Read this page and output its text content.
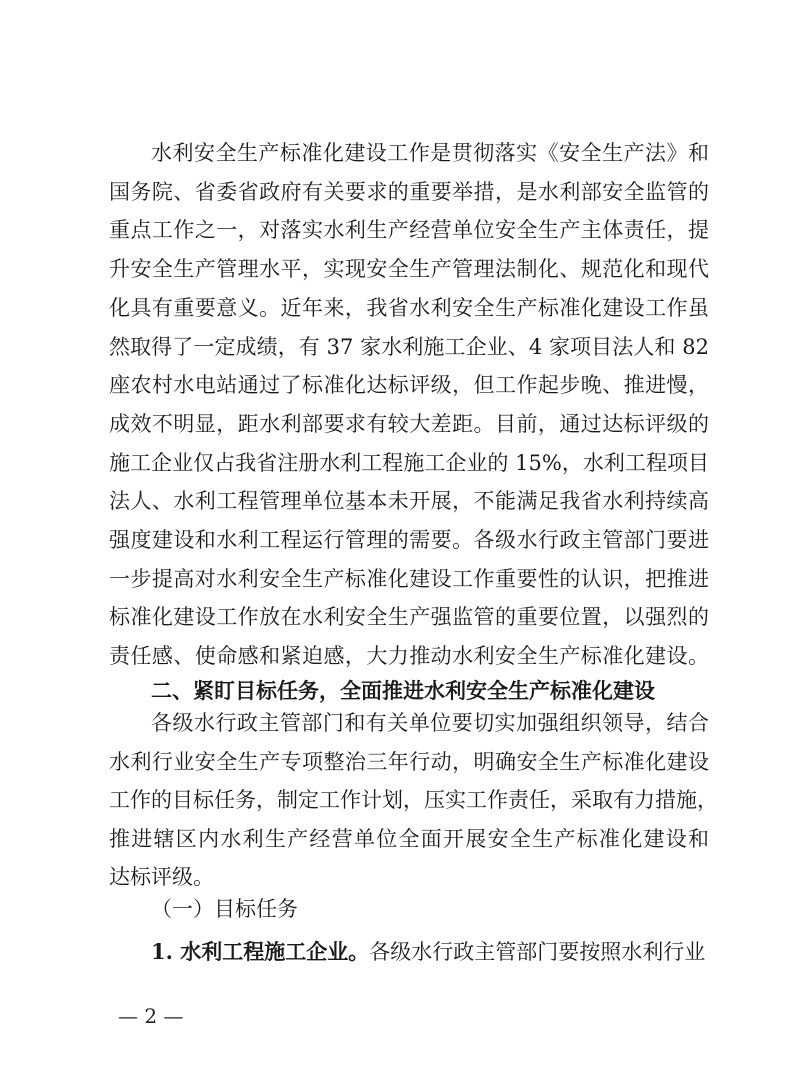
水利安全生产标准化建设工作是贯彻落实《安全生产法》和
国务院、省委省政府有关要求的重要举措，是水利部安全监管的
重点工作之一，对落实水利生产经营单位安全生产主体责任，提
升安全生产管理水平，实现安全生产管理法制化、规范化和现代
化具有重要意义。近年来，我省水利安全生产标准化建设工作虽
然取得了一定成绩，有 37 家水利施工企业、4 家项目法人和 82
座农村水电站通过了标准化达标评级，但工作起步晚、推进慢，
成效不明显，距水利部要求有较大差距。目前，通过达标评级的
施工企业仅占我省注册水利工程施工企业的 15%，水利工程项目
法人、水利工程管理单位基本未开展，不能满足我省水利持续高
强度建设和水利工程运行管理的需要。各级水行政主管部门要进
一步提高对水利安全生产标准化建设工作重要性的认识，把推进
标准化建设工作放在水利安全生产强监管的重要位置，以强烈的
责任感、使命感和紧迫感，大力推动水利安全生产标准化建设。
二、紧盯目标任务，全面推进水利安全生产标准化建设
各级水行政主管部门和有关单位要切实加强组织领导，结合
水利行业安全生产专项整治三年行动，明确安全生产标准化建设
工作的目标任务，制定工作计划，压实工作责任，采取有力措施，
推进辖区内水利生产经营单位全面开展安全生产标准化建设和
达标评级。
（一）目标任务
1. 水利工程施工企业。各级水行政主管部门要按照水利行业
— 2 —
